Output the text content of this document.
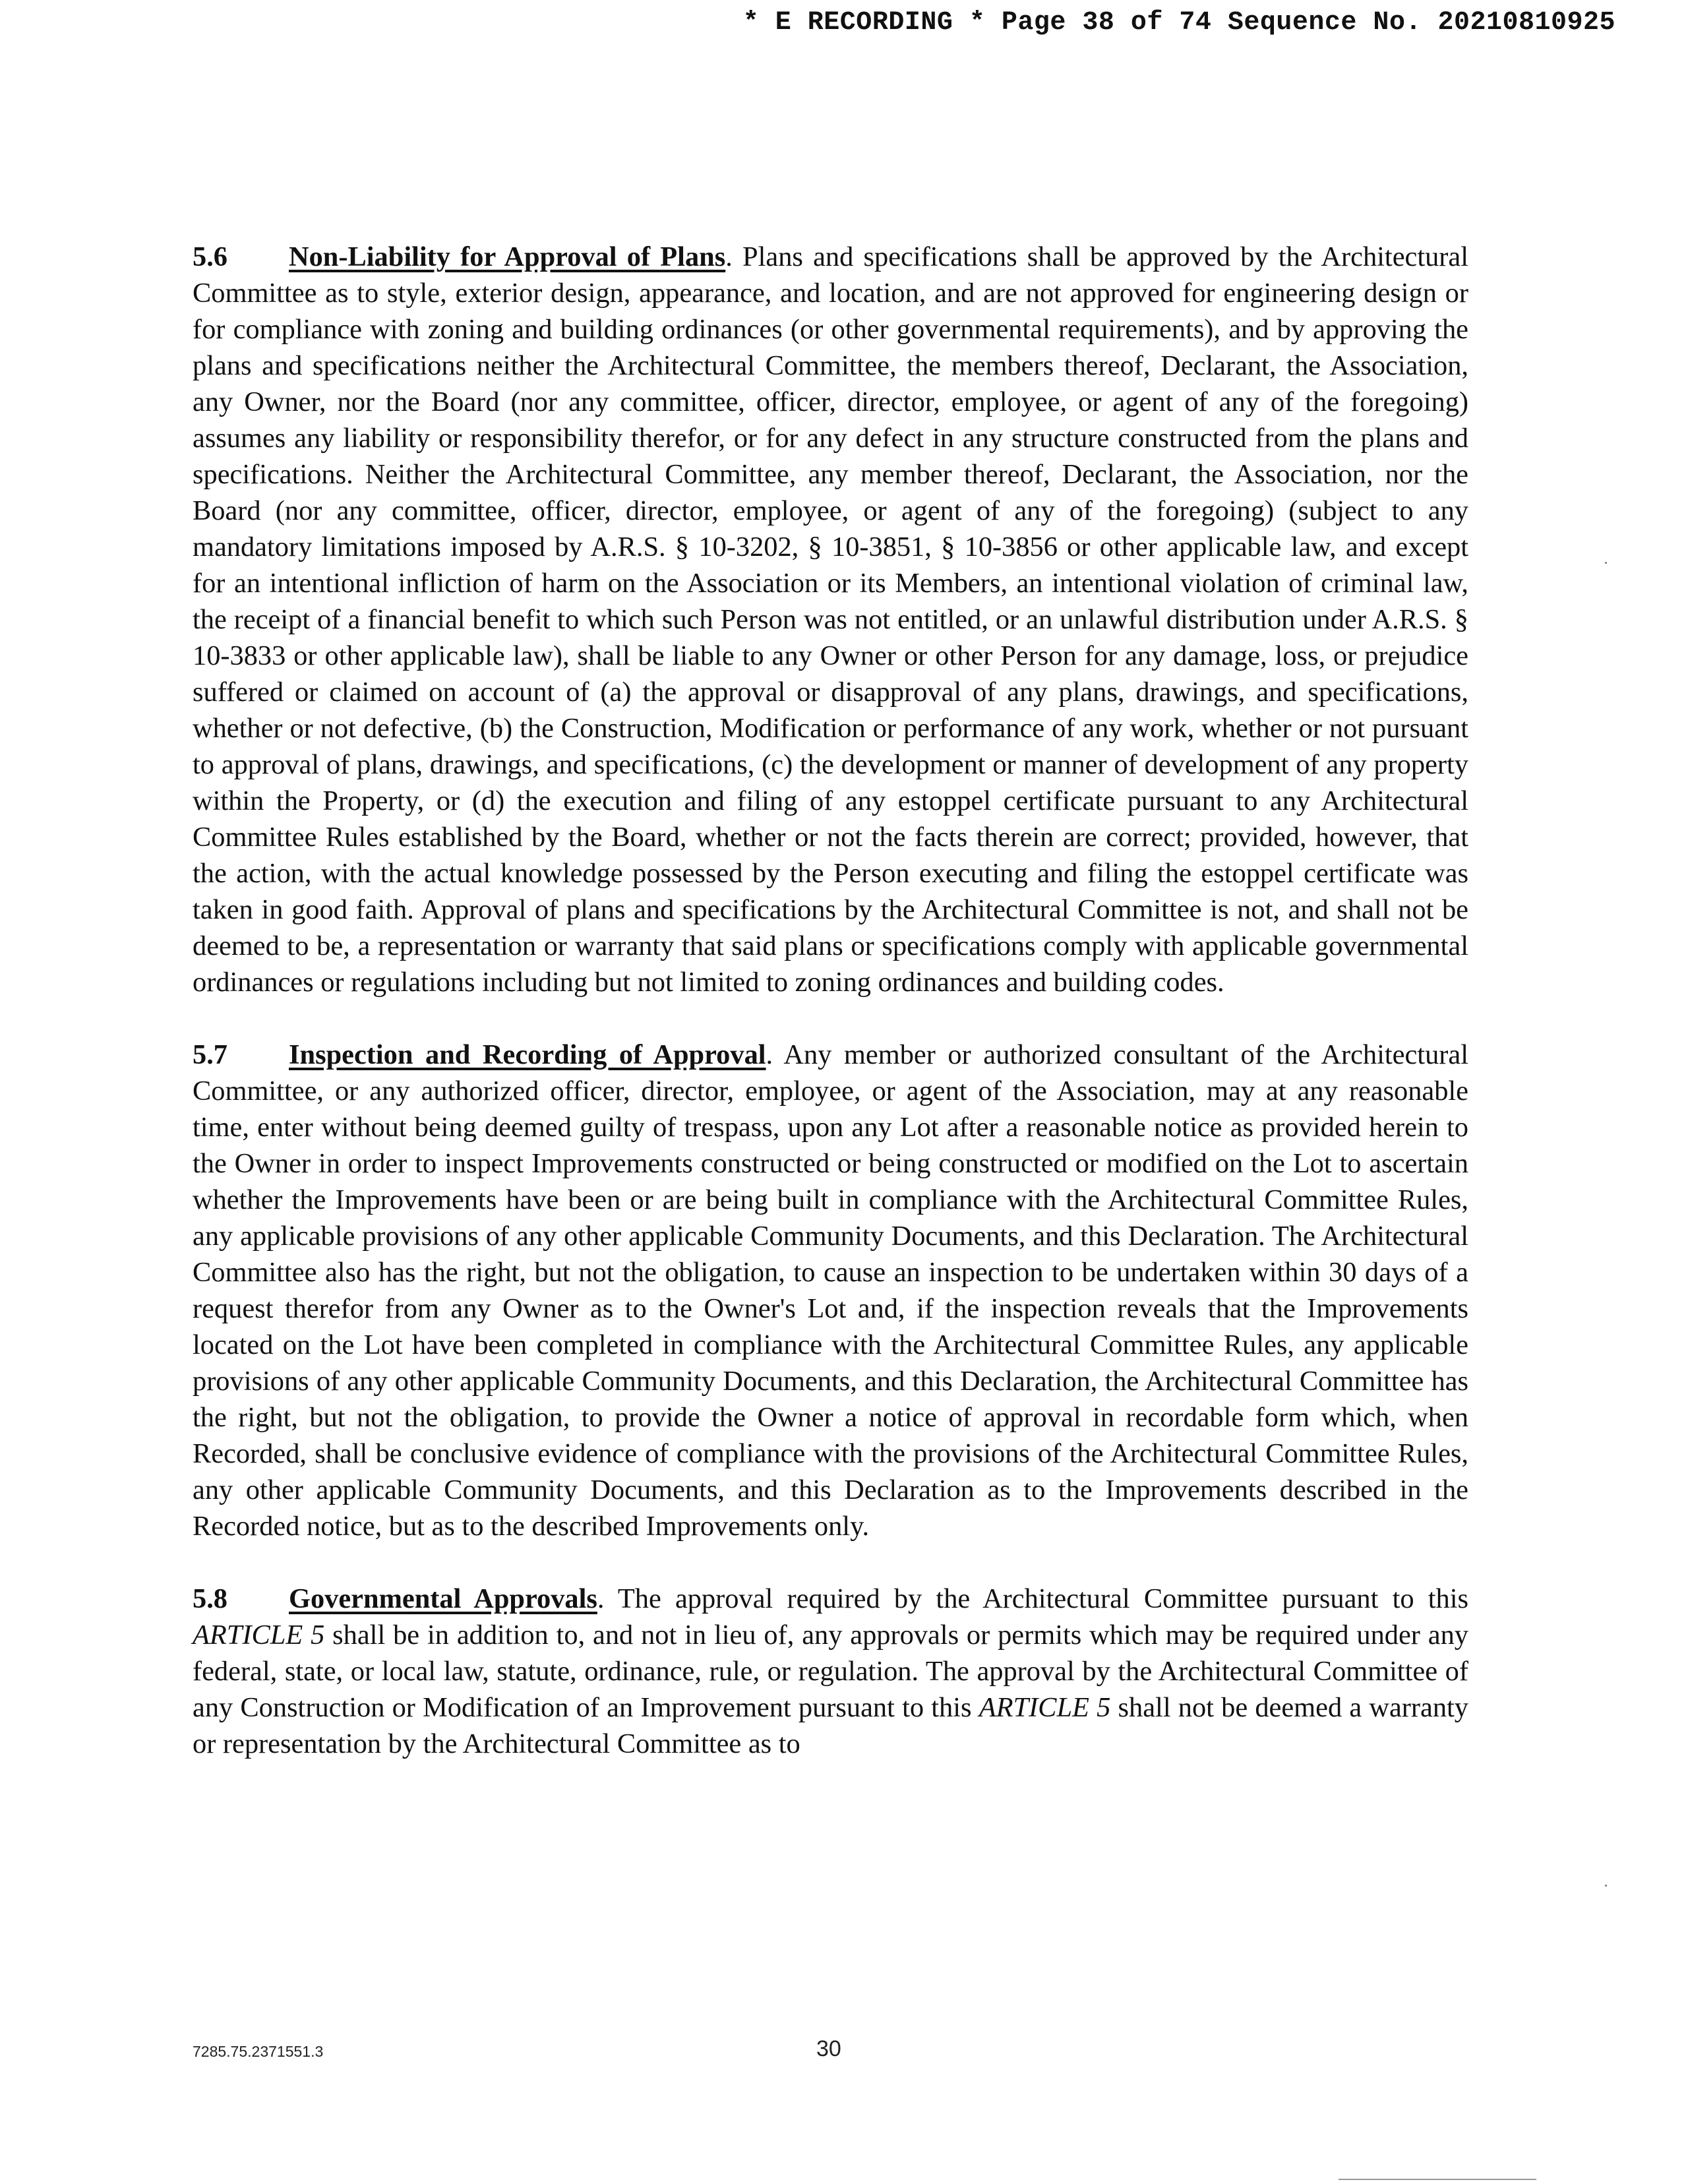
* E RECORDING * Page 38 of 74 Sequence No. 20210810925

5.6 Non-Liability for Approval of Plans. Plans and specifications shall be approved by the Architectural Committee as to style, exterior design, appearance, and location, and are not approved for engineering design or for compliance with zoning and building ordinances (or other governmental requirements), and by approving the plans and specifications neither the Architectural Committee, the members thereof, Declarant, the Association, any Owner, nor the Board (nor any committee, officer, director, employee, or agent of any of the foregoing) assumes any liability or responsibility therefor, or for any defect in any structure constructed from the plans and specifications. Neither the Architectural Committee, any member thereof, Declarant, the Association, nor the Board (nor any committee, officer, director, employee, or agent of any of the foregoing) (subject to any mandatory limitations imposed by A.R.S. § 10-3202, § 10-3851, § 10-3856 or other applicable law, and except for an intentional infliction of harm on the Association or its Members, an intentional violation of criminal law, the receipt of a financial benefit to which such Person was not entitled, or an unlawful distribution under A.R.S. § 10-3833 or other applicable law), shall be liable to any Owner or other Person for any damage, loss, or prejudice suffered or claimed on account of (a) the approval or disapproval of any plans, drawings, and specifications, whether or not defective, (b) the Construction, Modification or performance of any work, whether or not pursuant to approval of plans, drawings, and specifications, (c) the development or manner of development of any property within the Property, or (d) the execution and filing of any estoppel certificate pursuant to any Architectural Committee Rules established by the Board, whether or not the facts therein are correct; provided, however, that the action, with the actual knowledge possessed by the Person executing and filing the estoppel certificate was taken in good faith. Approval of plans and specifications by the Architectural Committee is not, and shall not be deemed to be, a representation or warranty that said plans or specifications comply with applicable governmental ordinances or regulations including but not limited to zoning ordinances and building codes.

5.7 Inspection and Recording of Approval. Any member or authorized consultant of the Architectural Committee, or any authorized officer, director, employee, or agent of the Association, may at any reasonable time, enter without being deemed guilty of trespass, upon any Lot after a reasonable notice as provided herein to the Owner in order to inspect Improvements constructed or being constructed or modified on the Lot to ascertain whether the Improvements have been or are being built in compliance with the Architectural Committee Rules, any applicable provisions of any other applicable Community Documents, and this Declaration. The Architectural Committee also has the right, but not the obligation, to cause an inspection to be undertaken within 30 days of a request therefor from any Owner as to the Owner's Lot and, if the inspection reveals that the Improvements located on the Lot have been completed in compliance with the Architectural Committee Rules, any applicable provisions of any other applicable Community Documents, and this Declaration, the Architectural Committee has the right, but not the obligation, to provide the Owner a notice of approval in recordable form which, when Recorded, shall be conclusive evidence of compliance with the provisions of the Architectural Committee Rules, any other applicable Community Documents, and this Declaration as to the Improvements described in the Recorded notice, but as to the described Improvements only.

5.8 Governmental Approvals. The approval required by the Architectural Committee pursuant to this ARTICLE 5 shall be in addition to, and not in lieu of, any approvals or permits which may be required under any federal, state, or local law, statute, ordinance, rule, or regulation. The approval by the Architectural Committee of any Construction or Modification of an Improvement pursuant to this ARTICLE 5 shall not be deemed a warranty or representation by the Architectural Committee as to

7285.75.2371551.3	30
